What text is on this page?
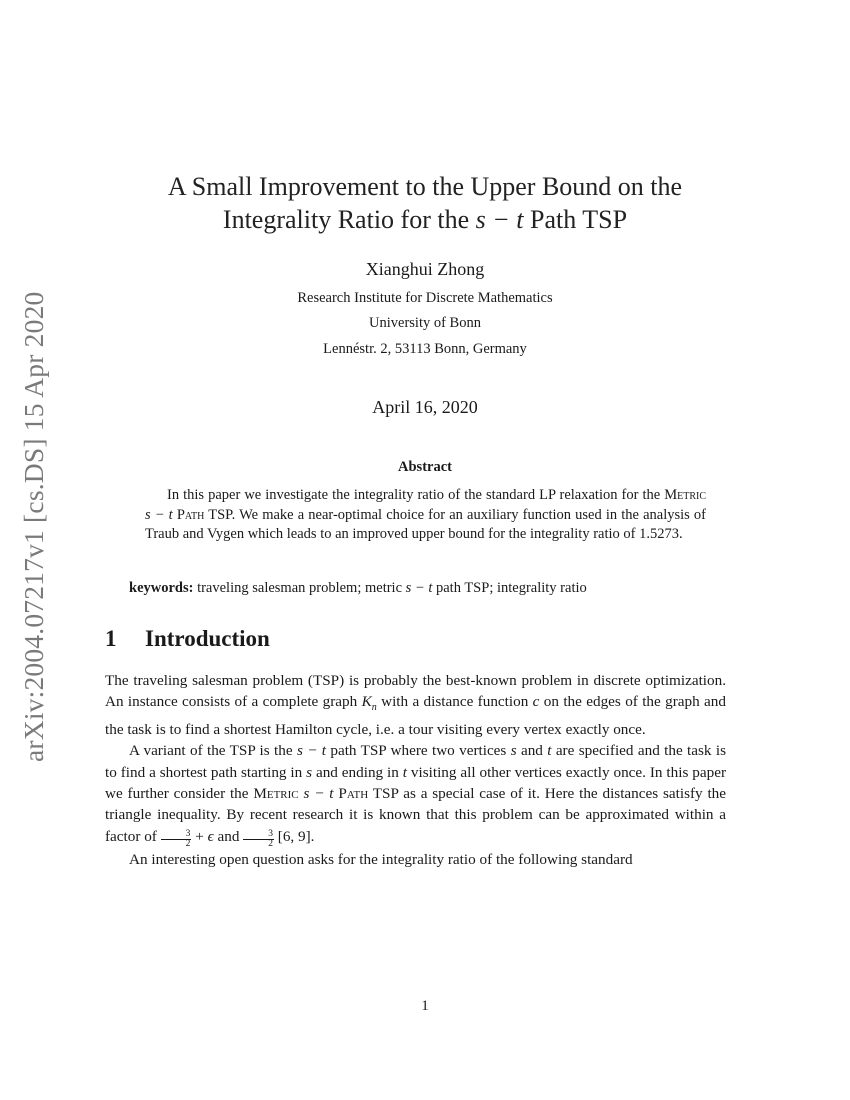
arXiv:2004.07217v1 [cs.DS] 15 Apr 2020
A Small Improvement to the Upper Bound on the
Integrality Ratio for the s − t Path TSP
Xianghui Zhong
Research Institute for Discrete Mathematics
University of Bonn
Lennéstr. 2, 53113 Bonn, Germany
April 16, 2020
Abstract
In this paper we investigate the integrality ratio of the standard LP relaxation for the Metric s − t Path TSP. We make a near-optimal choice for an auxiliary function used in the analysis of Traub and Vygen which leads to an improved upper bound for the integrality ratio of 1.5273.
keywords: traveling salesman problem; metric s − t path TSP; integrality ratio
1 Introduction

The traveling salesman problem (TSP) is probably the best-known problem in discrete optimization. An instance consists of a complete graph $K_n$ with a distance function c on the edges of the graph and the task is to find a shortest Hamilton cycle, i.e. a tour visiting every vertex exactly once.

A variant of the TSP is the s − t path TSP where two vertices s and t are specified and the task is to find a shortest path starting in s and ending in t visiting all other vertices exactly once. In this paper we further consider the Metric s − t Path TSP as a special case of it. Here the distances satisfy the triangle inequality. By recent research it is known that this problem can be approximated within a factor of $\frac{3}{2} + \epsilon$ and $\frac{3}{2} [6$, 9].

An interesting open question asks for the integrality ratio of the following standard

1
